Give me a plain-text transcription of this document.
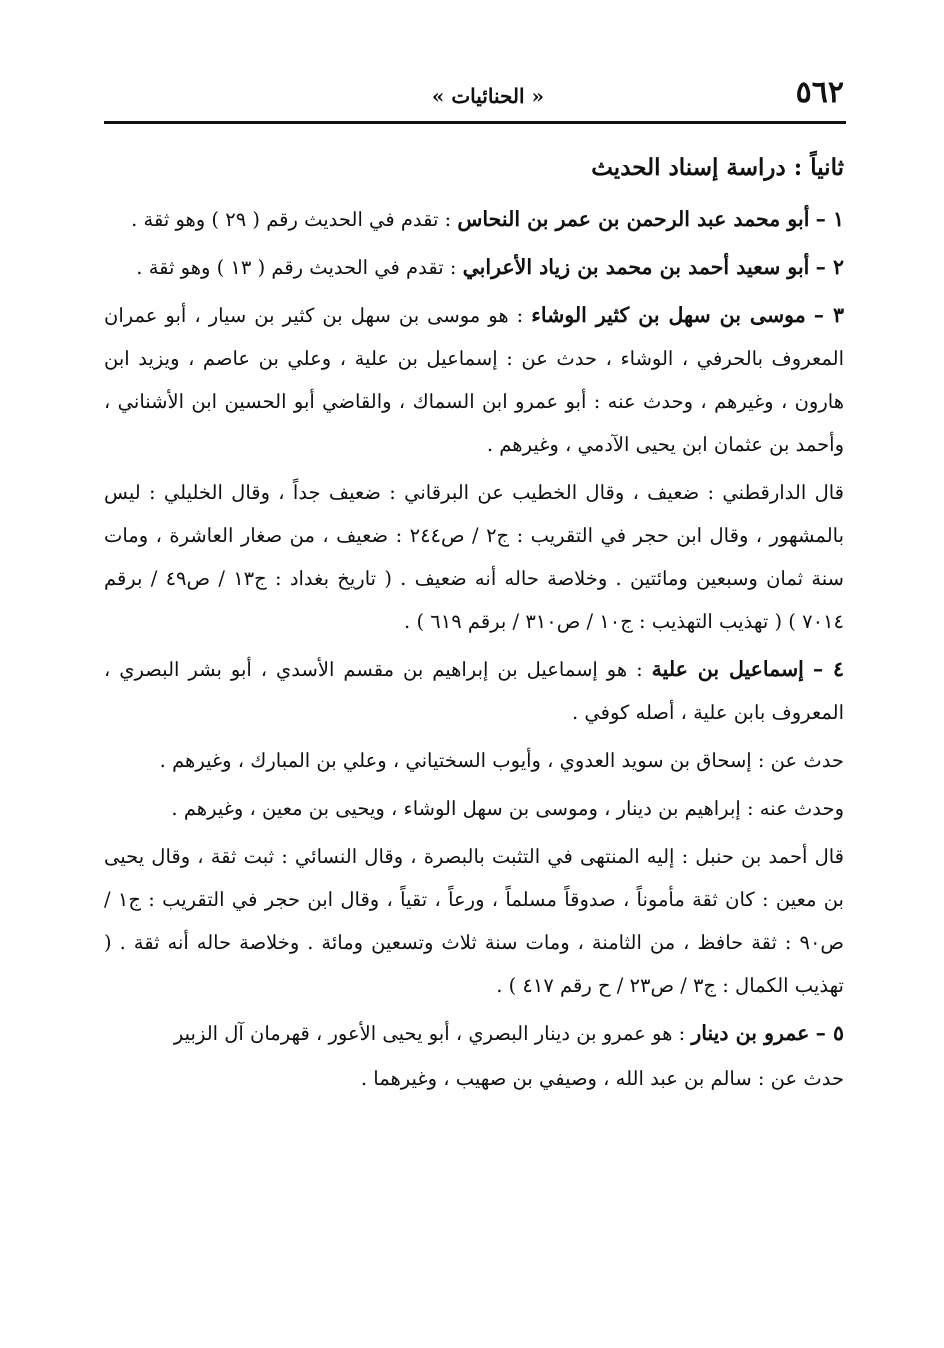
٥٦٢
« الحنائيات »
ثانياً : دراسة إسناد الحديث

١ – أبو محمد عبد الرحمن بن عمر بن النحاس : تقدم في الحديث رقم ( ٢٩ ) وهو ثقة .

٢ – أبو سعيد أحمد بن محمد بن زياد الأعرابي : تقدم في الحديث رقم ( ١٣ ) وهو ثقة .

٣ – موسى بن سهل بن كثير الوشاء : هو موسى بن سهل بن كثير بن سيار ، أبو عمران المعروف بالحرفي ، الوشاء ، حدث عن : إسماعيل بن علية ، وعلي بن عاصم ، ويزيد ابن هارون ، وغيرهم ، وحدث عنه : أبو عمرو ابن السماك ، والقاضي أبو الحسين ابن الأشناني ، وأحمد بن عثمان ابن يحيى الآدمي ، وغيرهم .

قال الدارقطني : ضعيف ، وقال الخطيب عن البرقاني : ضعيف جداً ، وقال الخليلي : ليس بالمشهور ، وقال ابن حجر في التقريب : ج٢ / ص٢٤٤ : ضعيف ، من صغار العاشرة ، ومات سنة ثمان وسبعين ومائتين . وخلاصة حاله أنه ضعيف . ( تاريخ بغداد : ج١٣ / ص٤٩ / برقم ٧٠١٤ ) ( تهذيب التهذيب : ج١٠ / ص٣١٠ / برقم ٦١٩ ) .

٤ – إسماعيل بن علية : هو إسماعيل بن إبراهيم بن مقسم الأسدي ، أبو بشر البصري ، المعروف بابن علية ، أصله كوفي .

حدث عن : إسحاق بن سويد العدوي ، وأيوب السختياني ، وعلي بن المبارك ، وغيرهم .

وحدث عنه : إبراهيم بن دينار ، وموسى بن سهل الوشاء ، ويحيى بن معين ، وغيرهم .

قال أحمد بن حنبل : إليه المنتهى في التثبت بالبصرة ، وقال النسائي : ثبت ثقة ، وقال يحيى بن معين : كان ثقة مأموناً ، صدوقاً مسلماً ، ورعاً ، تقياً ، وقال ابن حجر في التقريب : ج١ / ص٩٠ : ثقة حافظ ، من الثامنة ، ومات سنة ثلاث وتسعين ومائة . وخلاصة حاله أنه ثقة . ( تهذيب الكمال : ج٣ / ص٢٣ / ح رقم ٤١٧ ) .

٥ – عمرو بن دينار : هو عمرو بن دينار البصري ، أبو يحيى الأعور ، قهرمان آل الزبير

حدث عن : سالم بن عبد الله ، وصيفي بن صهيب ، وغيرهما .
